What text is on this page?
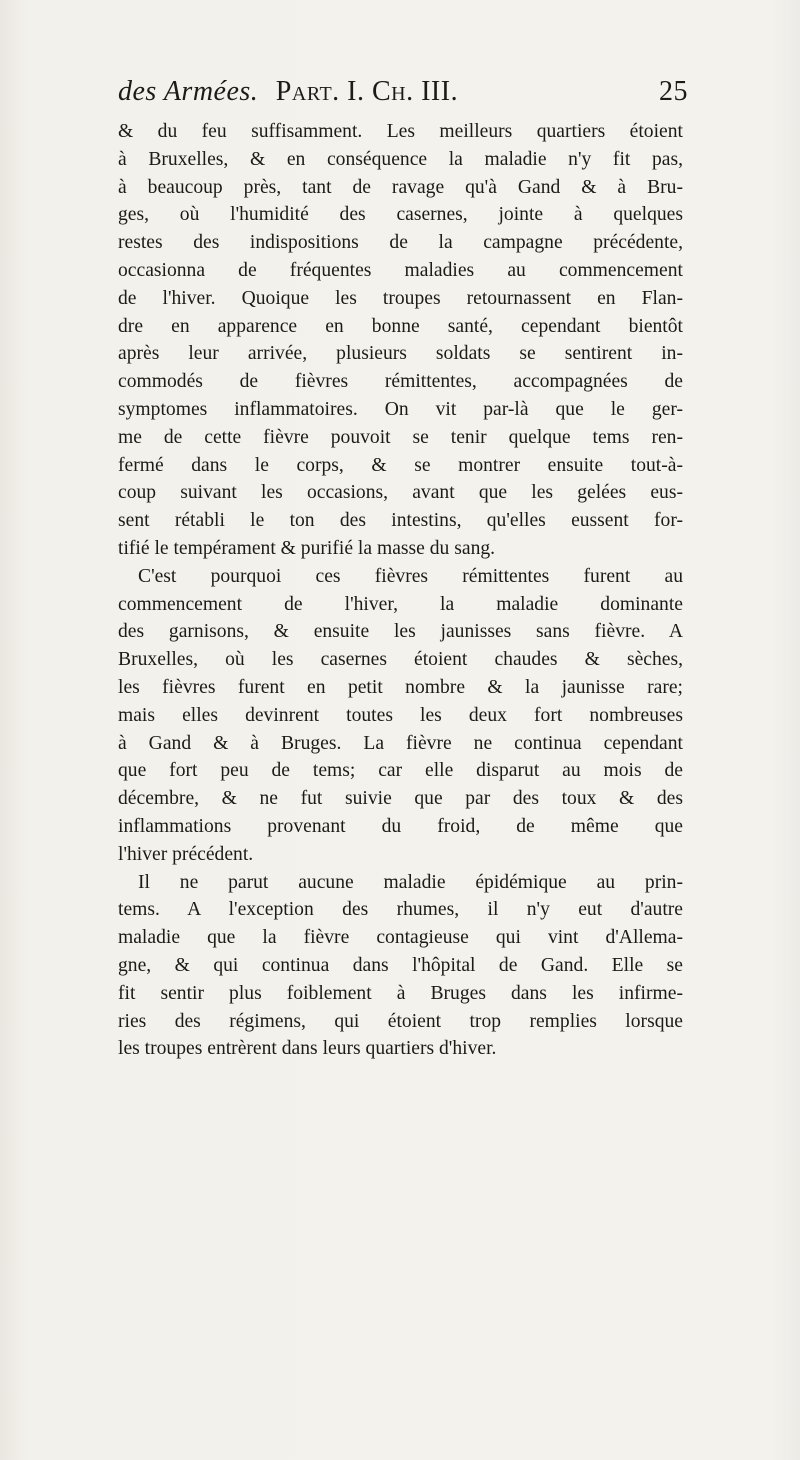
des Armées. Part. I. Ch. III.	25
& du feu suffisamment. Les meilleurs quartiers étoient
à Bruxelles, & en conséquence la maladie n'y fit pas,
à beaucoup près, tant de ravage qu'à Gand & à Bru-
ges, où l'humidité des casernes, jointe à quelques
restes des indispositions de la campagne précédente,
occasionna de fréquentes maladies au commencement
de l'hiver. Quoique les troupes retournassent en Flan-
dre en apparence en bonne santé, cependant bientôt
après leur arrivée, plusieurs soldats se sentirent in-
commodés de fièvres rémittentes, accompagnées de
symptomes inflammatoires. On vit par-là que le ger-
me de cette fièvre pouvoit se tenir quelque tems ren-
fermé dans le corps, & se montrer ensuite tout-à-
coup suivant les occasions, avant que les gelées eus-
sent rétabli le ton des intestins, qu'elles eussent for-
tifié le tempérament & purifié la masse du sang.
C'est pourquoi ces fièvres rémittentes furent au
commencement de l'hiver, la maladie dominante
des garnisons, & ensuite les jaunisses sans fièvre. A
Bruxelles, où les casernes étoient chaudes & sèches,
les fièvres furent en petit nombre & la jaunisse rare;
mais elles devinrent toutes les deux fort nombreuses
à Gand & à Bruges. La fièvre ne continua cependant
que fort peu de tems; car elle disparut au mois de
décembre, & ne fut suivie que par des toux & des
inflammations provenant du froid, de même que
l'hiver précédent.
Il ne parut aucune maladie épidémique au prin-
tems. A l'exception des rhumes, il n'y eut d'autre
maladie que la fièvre contagieuse qui vint d'Allema-
gne, & qui continua dans l'hôpital de Gand. Elle se
fit sentir plus foiblement à Bruges dans les infirme-
ries des régimens, qui étoient trop remplies lorsque
les troupes entrèrent dans leurs quartiers d'hiver.
